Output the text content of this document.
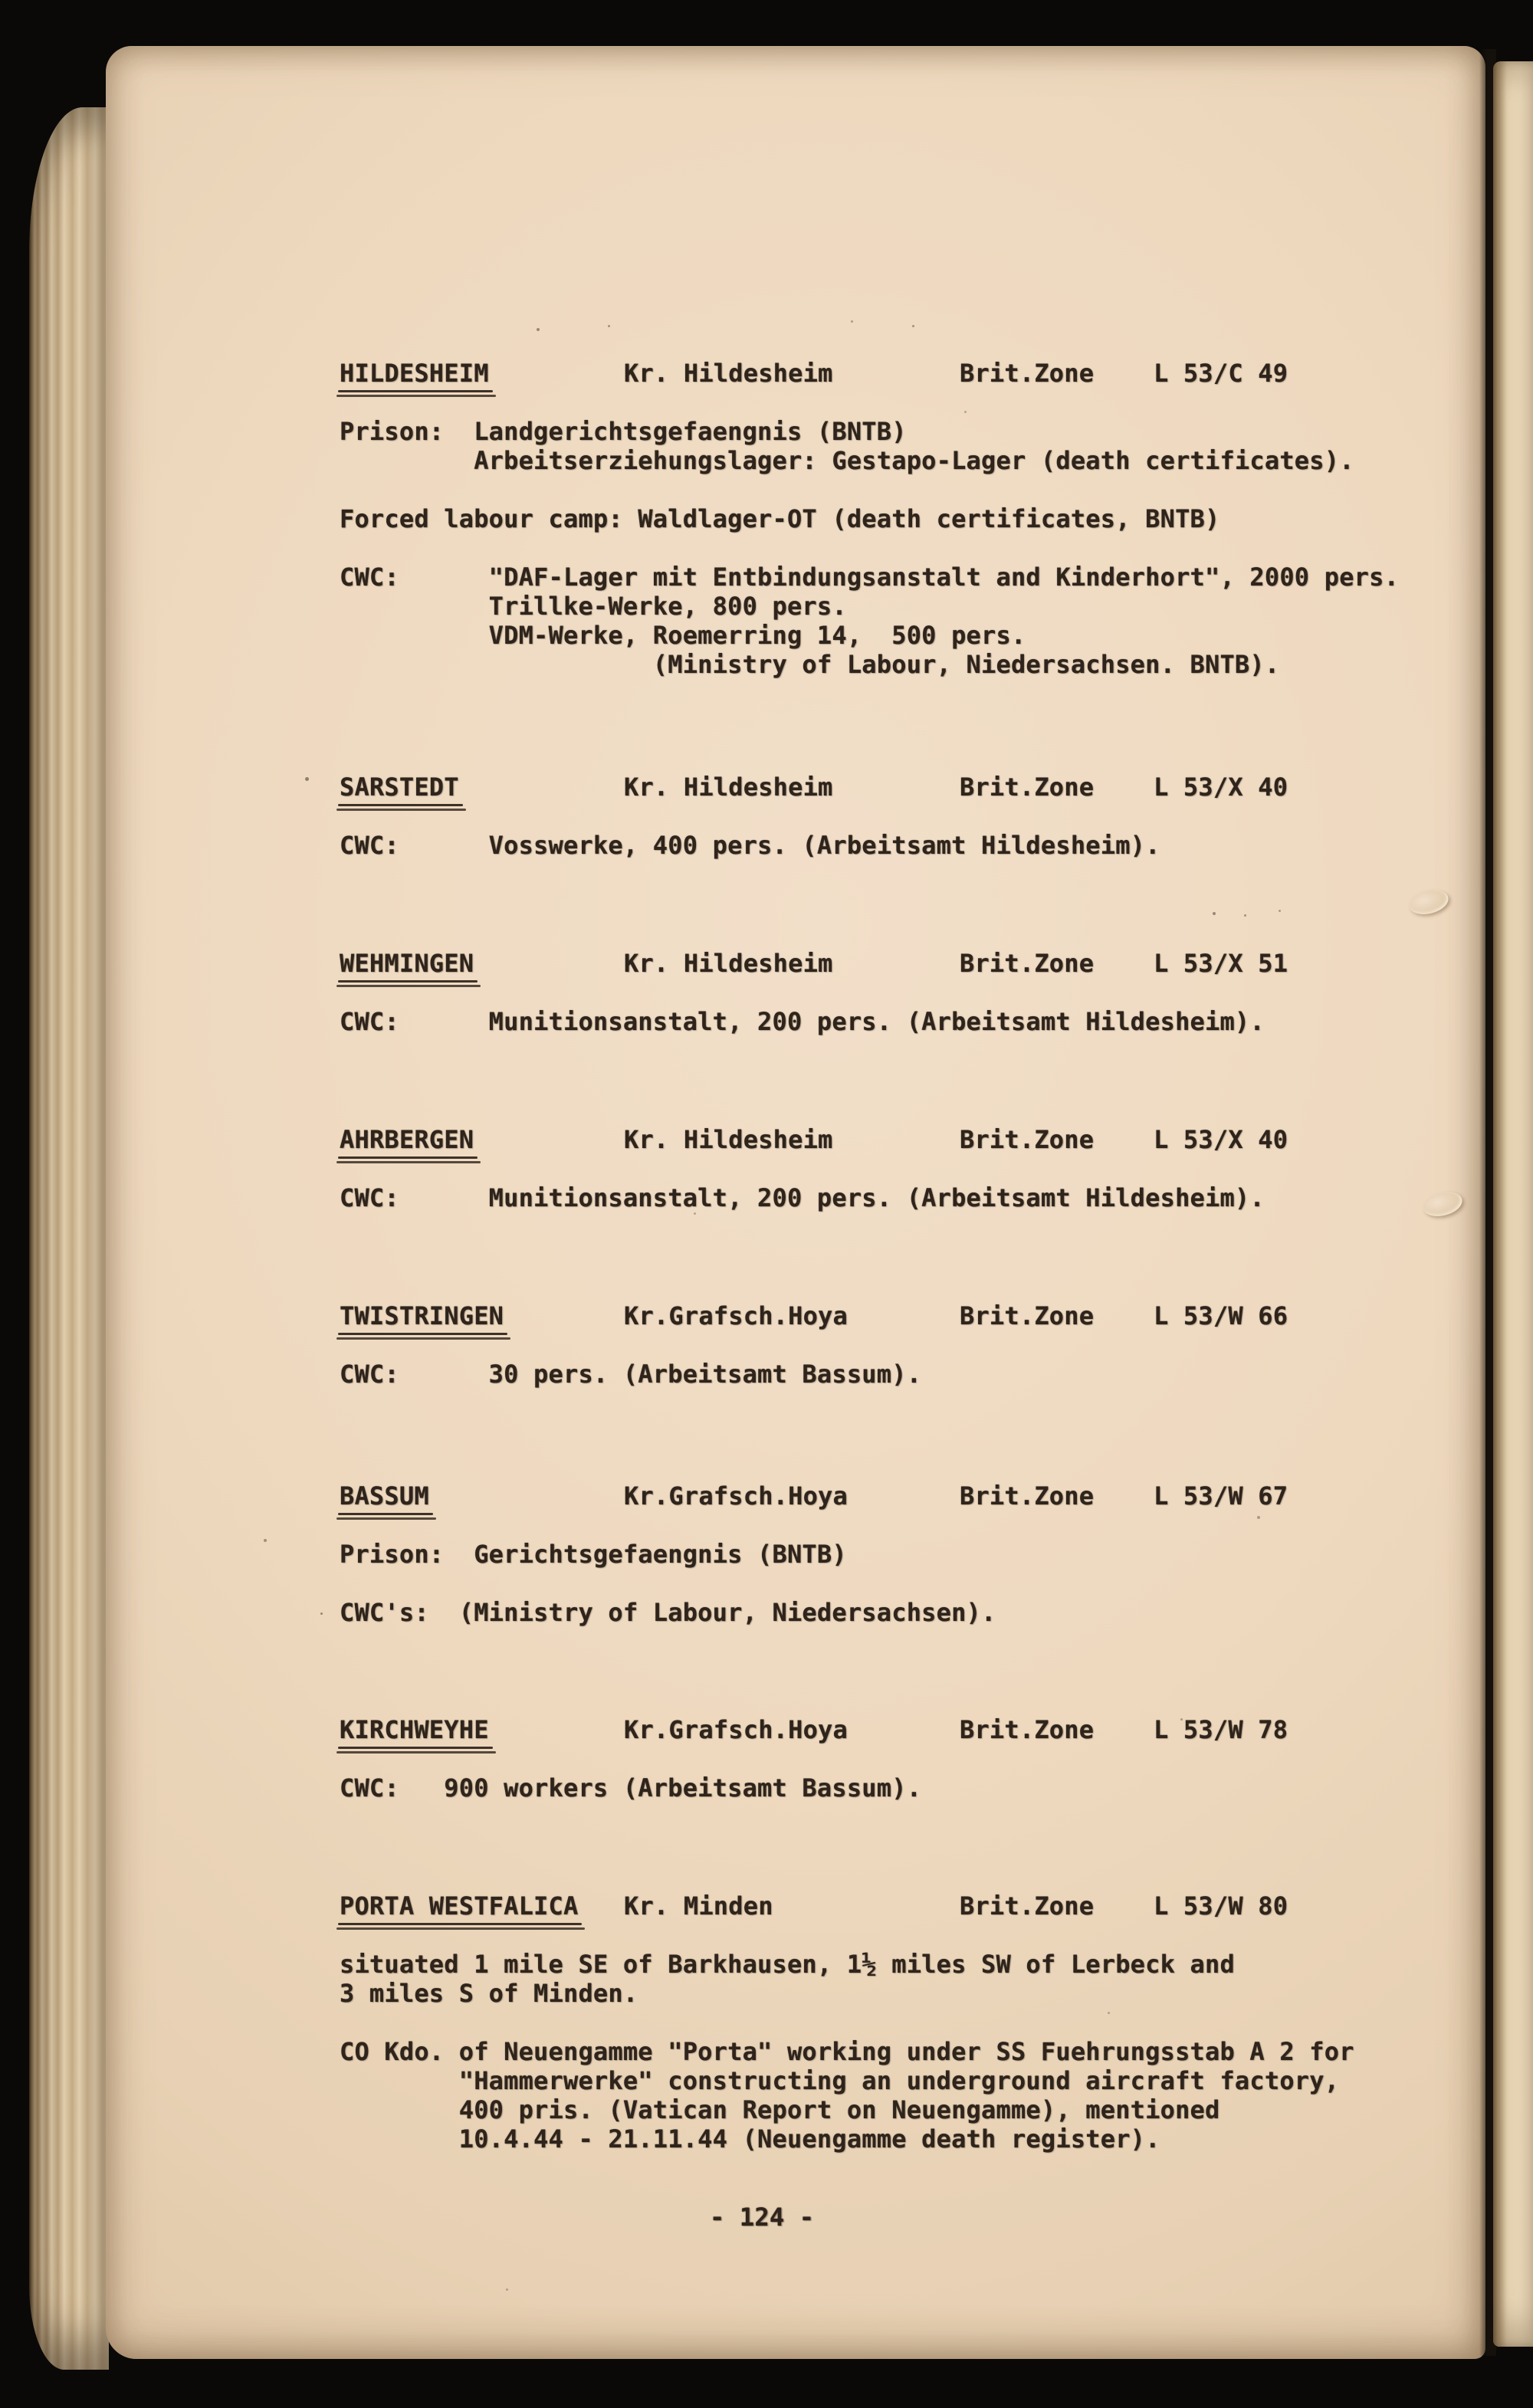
HILDESHEIM	Kr. Hildesheim	Brit.Zone L 53/C 49
Prison:  Landgerichtsgefaengnis (BNTB)
Arbeitserziehungslager: Gestapo-Lager (death certificates).
Forced labour camp: Waldlager-OT (death certificates, BNTB)
CWC:      "DAF-Lager mit Entbindungsanstalt and Kinderhort", 2000 pers.
Trillke-Werke, 800 pers.
VDM-Werke, Roemerring 14,  500 pers.
(Ministry of Labour, Niedersachsen. BNTB).
SARSTEDT	Kr. Hildesheim	Brit.Zone L 53/X 40
CWC:      Vosswerke, 400 pers. (Arbeitsamt Hildesheim).
WEHMINGEN	Kr. Hildesheim	Brit.Zone L 53/X 51
CWC:      Munitionsanstalt, 200 pers. (Arbeitsamt Hildesheim).
AHRBERGEN	Kr. Hildesheim	Brit.Zone L 53/X 40
CWC:      Munitionsanstalt, 200 pers. (Arbeitsamt Hildesheim).
TWISTRINGEN	Kr.Grafsch.Hoya	Brit.Zone L 53/W 66
CWC:      30 pers. (Arbeitsamt Bassum).
BASSUM	Kr.Grafsch.Hoya	Brit.Zone L 53/W 67
Prison:  Gerichtsgefaengnis (BNTB)
CWC's:  (Ministry of Labour, Niedersachsen).
KIRCHWEYHE	Kr.Grafsch.Hoya	Brit.Zone L 53/W 78
CWC:   900 workers (Arbeitsamt Bassum).
PORTA WESTFALICA Kr. Minden	Brit.Zone L 53/W 80
situated 1 mile SE of Barkhausen, 1½ miles SW of Lerbeck and
3 miles S of Minden.
CO Kdo. of Neuengamme "Porta" working under SS Fuehrungsstab A 2 for
"Hammerwerke" constructing an underground aircraft factory,
400 pris. (Vatican Report on Neuengamme), mentioned
10.4.44 - 21.11.44 (Neuengamme death register).
- 124 -
